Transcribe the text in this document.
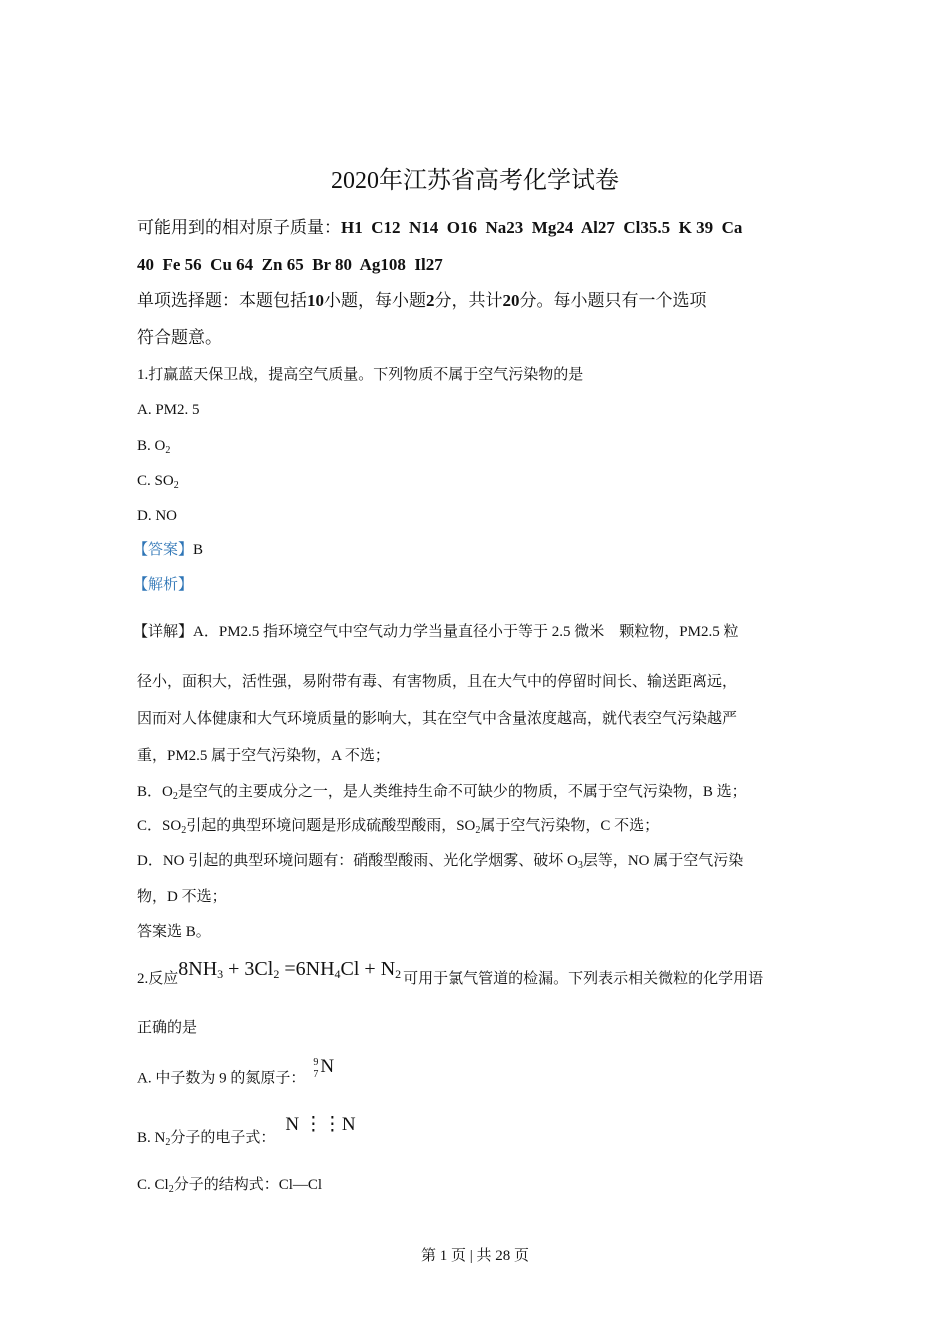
2020年江苏省高考化学试卷
可能用到的相对原子质量：H1  C12  N14  O16  Na23  Mg24  Al27  Cl35.5  K 39  Ca
40  Fe 56  Cu 64  Zn 65  Br 80  Ag108  Il27
单项选择题：本题包括10小题，每小题2分，共计20分。每小题只有一个选项
符合题意。
1.打赢蓝天保卫战，提高空气质量。下列物质不属于空气污染物的是
A. PM2. 5
B. $O_2$
C. $SO_2$
D. NO
【答案】B
【解析】
【详解】A．PM2.5 指环境空气中空气动力学当量直径小于等于 2.5 微米　颗粒物，PM2.5 粒
径小，面积大，活性强，易附带有毒、有害物质，且在大气中的停留时间长、输送距离远，
因而对人体健康和大气环境质量的影响大，其在空气中含量浓度越高，就代表空气污染越严
重，PM2.5 属于空气污染物，A 不选；
B．$O_2$是空气的主要成分之一，是人类维持生命不可缺少的物质，不属于空气污染物，B 选；
C．$SO_2$引起的典型环境问题是形成硫酸型酸雨，$SO_2$属于空气污染物，C 不选；
D．NO 引起的典型环境问题有：硝酸型酸雨、光化学烟雾、破坏 $O_3$层等，NO 属于空气污染
物，D 不选；
答案选 B。
2.反应$8NH_3 + 3Cl_2 =6NH_4Cl + N_2$ 可用于氯气管道的检漏。下列表示相关微粒的化学用语
正确的是
A. 中子数为 9 的氮原子：
9
7 N
B. $N_2$分子的电子式：N ⋮⋮N
C. $Cl_2$分子的结构式：Cl—Cl
第 1 页 | 共 28 页
